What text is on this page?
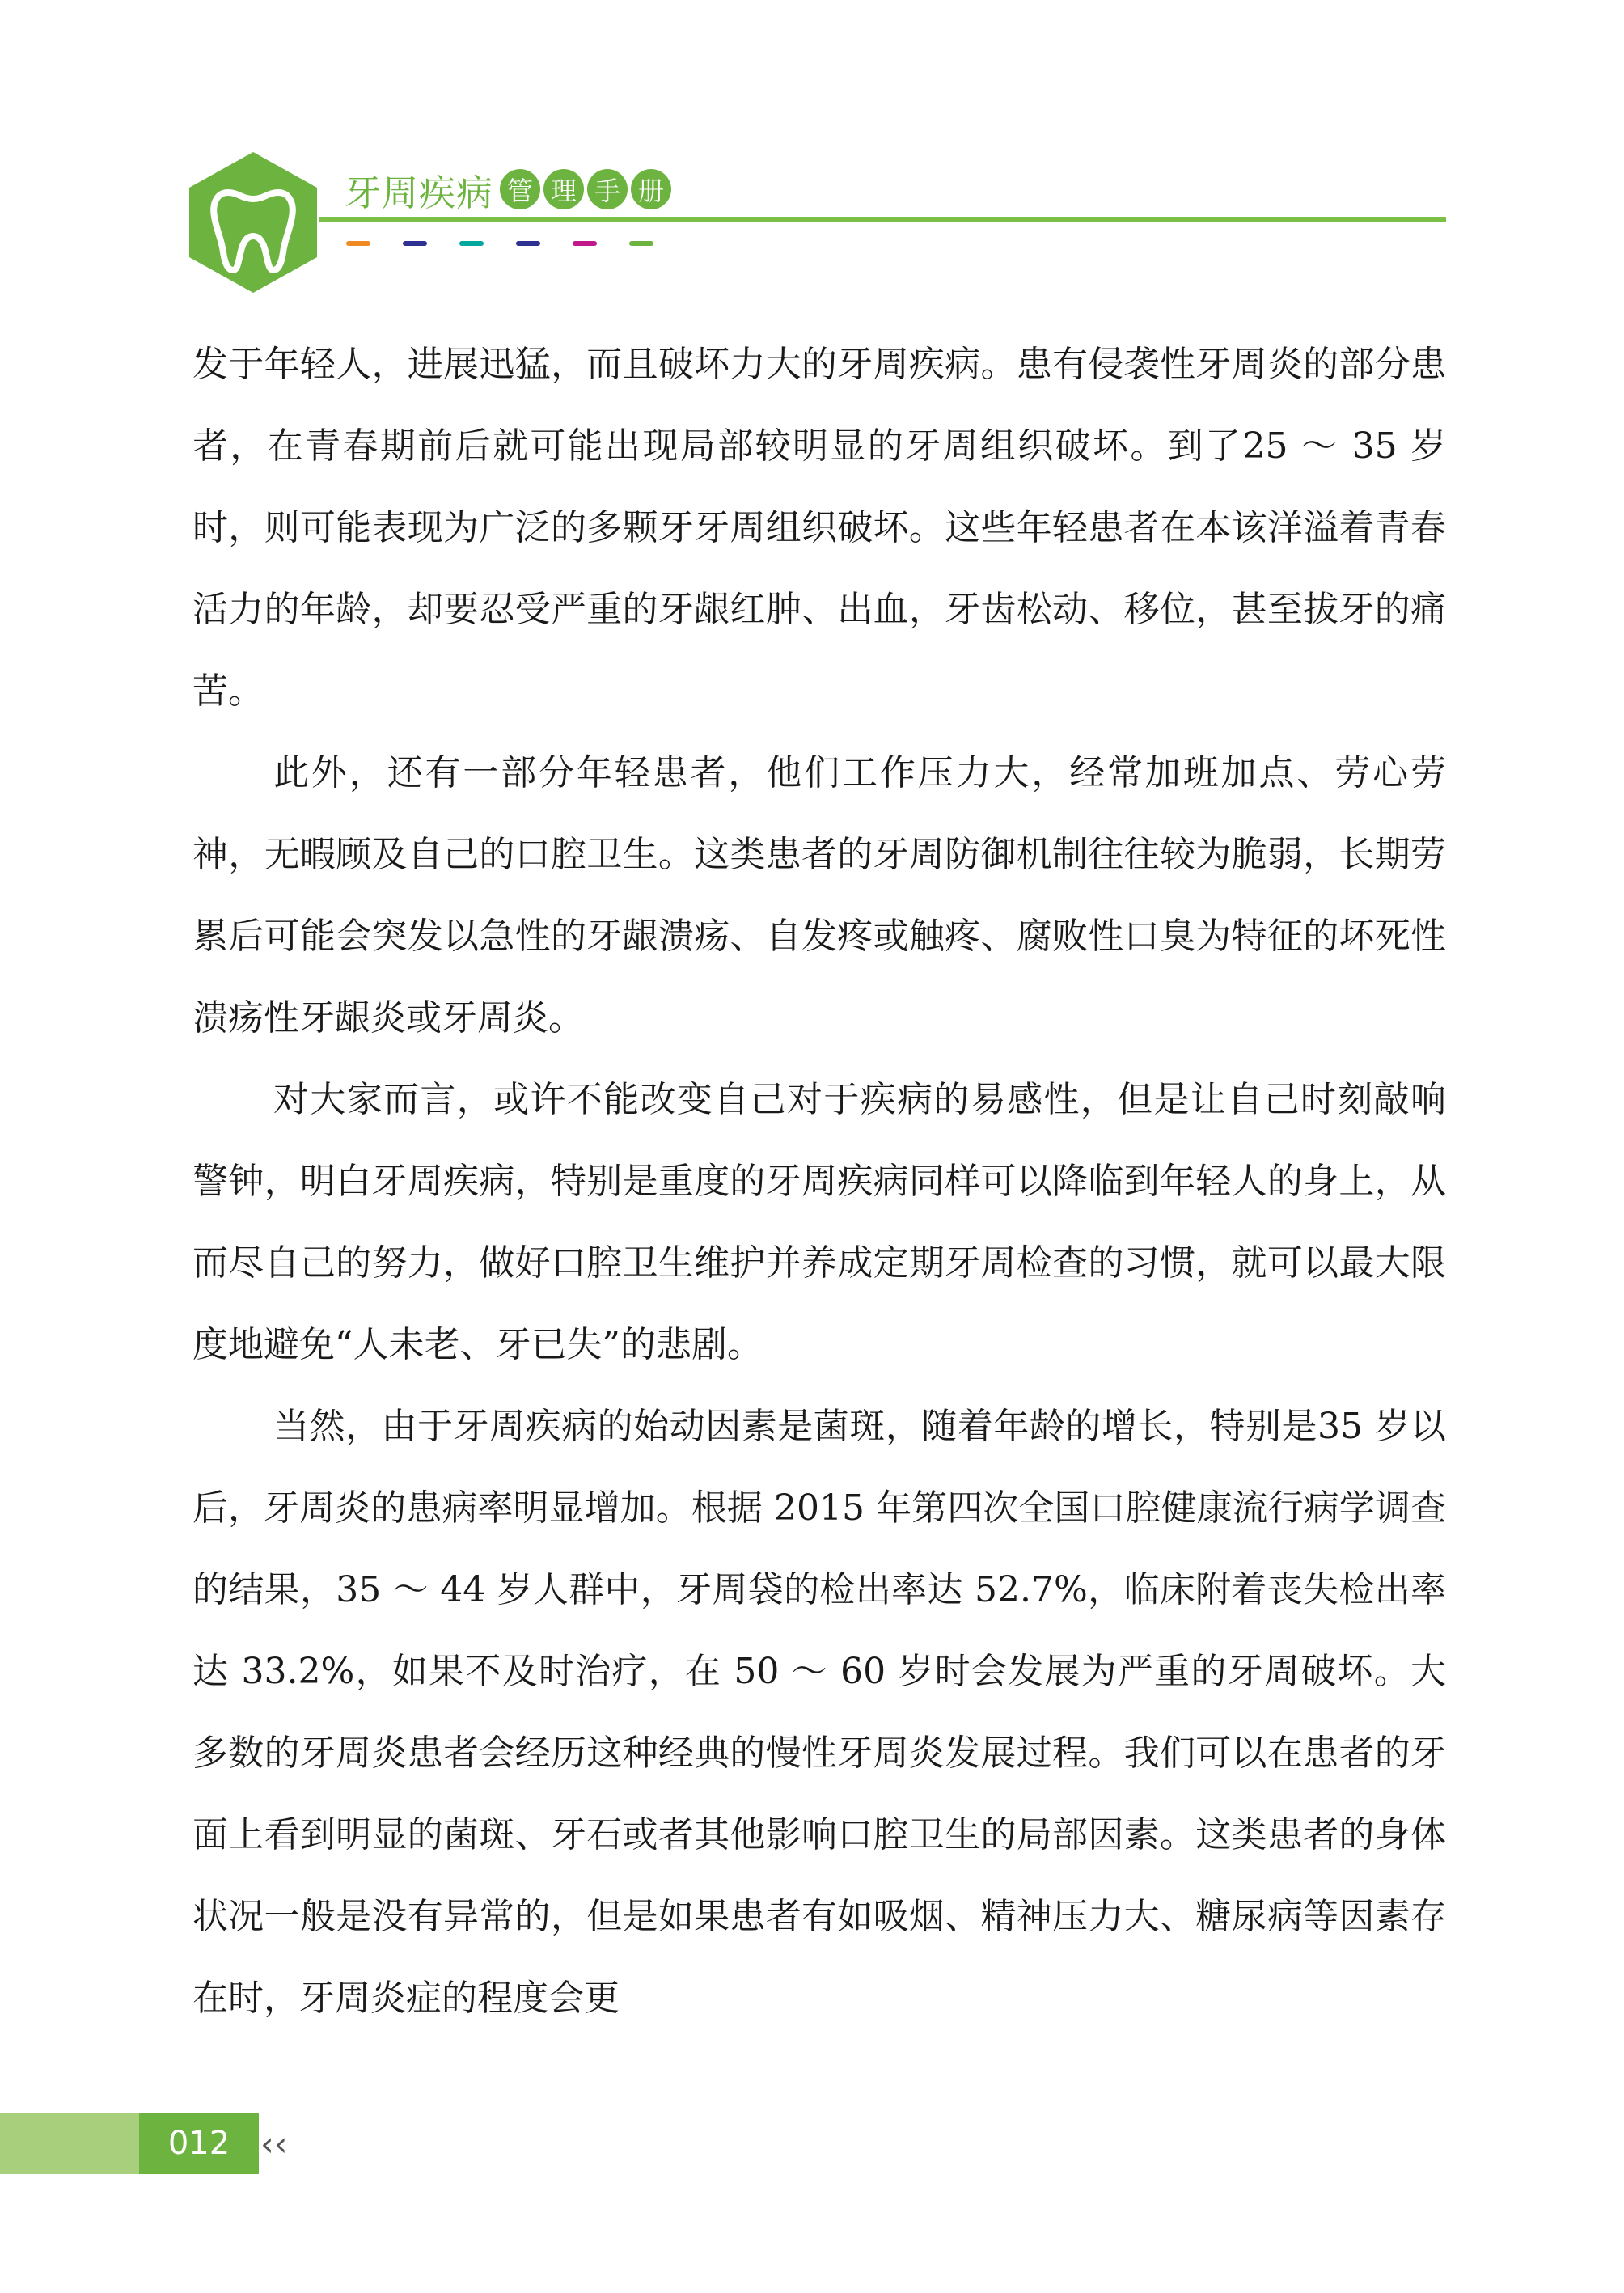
牙周疾病 管 理 手 册

发于年轻人，进展迅猛，而且破坏力大的牙周疾病。患有侵袭性牙周炎的部分患者，在青春期前后就可能出现局部较明显的牙周组织破坏。到了25 ～ 35 岁时，则可能表现为广泛的多颗牙牙周组织破坏。这些年轻患者在本该洋溢着青春活力的年龄，却要忍受严重的牙龈红肿、出血，牙齿松动、移位，甚至拔牙的痛苦。

此外，还有一部分年轻患者，他们工作压力大，经常加班加点、劳心劳神，无暇顾及自己的口腔卫生。这类患者的牙周防御机制往往较为脆弱，长期劳累后可能会突发以急性的牙龈溃疡、自发疼或触疼、腐败性口臭为特征的坏死性溃疡性牙龈炎或牙周炎。

对大家而言，或许不能改变自己对于疾病的易感性，但是让自己时刻敲响警钟，明白牙周疾病，特别是重度的牙周疾病同样可以降临到年轻人的身上，从而尽自己的努力，做好口腔卫生维护并养成定期牙周检查的习惯，就可以最大限度地避免“人未老、牙已失”的悲剧。

当然，由于牙周疾病的始动因素是菌斑，随着年龄的增长，特别是35 岁以后，牙周炎的患病率明显增加。根据 2015 年第四次全国口腔健康流行病学调查的结果，35 ～ 44 岁人群中，牙周袋的检出率达 52.7%，临床附着丧失检出率达 33.2%，如果不及时治疗，在 50 ～ 60 岁时会发展为严重的牙周破坏。大多数的牙周炎患者会经历这种经典的慢性牙周炎发展过程。我们可以在患者的牙面上看到明显的菌斑、牙石或者其他影响口腔卫生的局部因素。这类患者的身体状况一般是没有异常的，但是如果患者有如吸烟、精神压力大、糖尿病等因素存在时，牙周炎症的程度会更

012 ‹‹
